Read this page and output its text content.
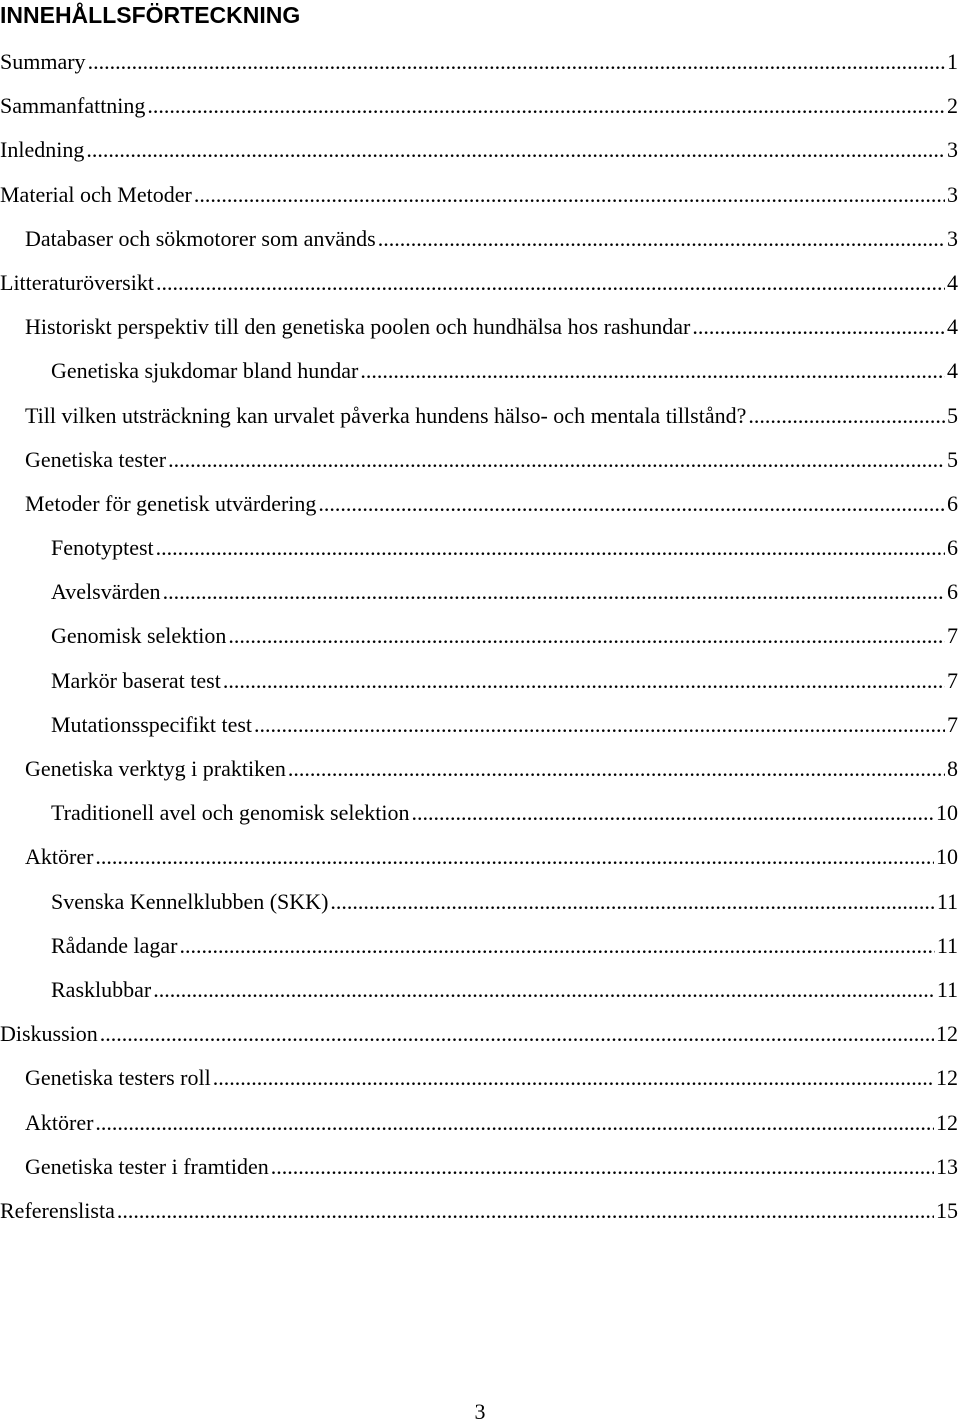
INNEHÅLLSFÖRTECKNING
Summary .....	1
Sammanfattning .....	2
Inledning .....	3
Material och Metoder .....	3
Databaser och sökmotorer som används .....	3
Litteraturöversikt .....	4
Historiskt perspektiv till den genetiska poolen och hundhälsa hos rashundar .....	4
Genetiska sjukdomar bland hundar .....	4
Till vilken utsträckning kan urvalet påverka hundens hälso- och mentala tillstånd? .....	5
Genetiska tester .....	5
Metoder för genetisk utvärdering .....	6
Fenotyptest .....	6
Avelsvärden .....	6
Genomisk selektion .....	7
Markör baserat test .....	7
Mutationsspecifikt test .....	7
Genetiska verktyg i praktiken .....	8
Traditionell avel och genomisk selektion .....	10
Aktörer .....	10
Svenska Kennelklubben (SKK) .....	11
Rådande lagar .....	11
Rasklubbar .....	11
Diskussion .....	12
Genetiska testers roll .....	12
Aktörer .....	12
Genetiska tester i framtiden .....	13
Referenslista .....	15

3
